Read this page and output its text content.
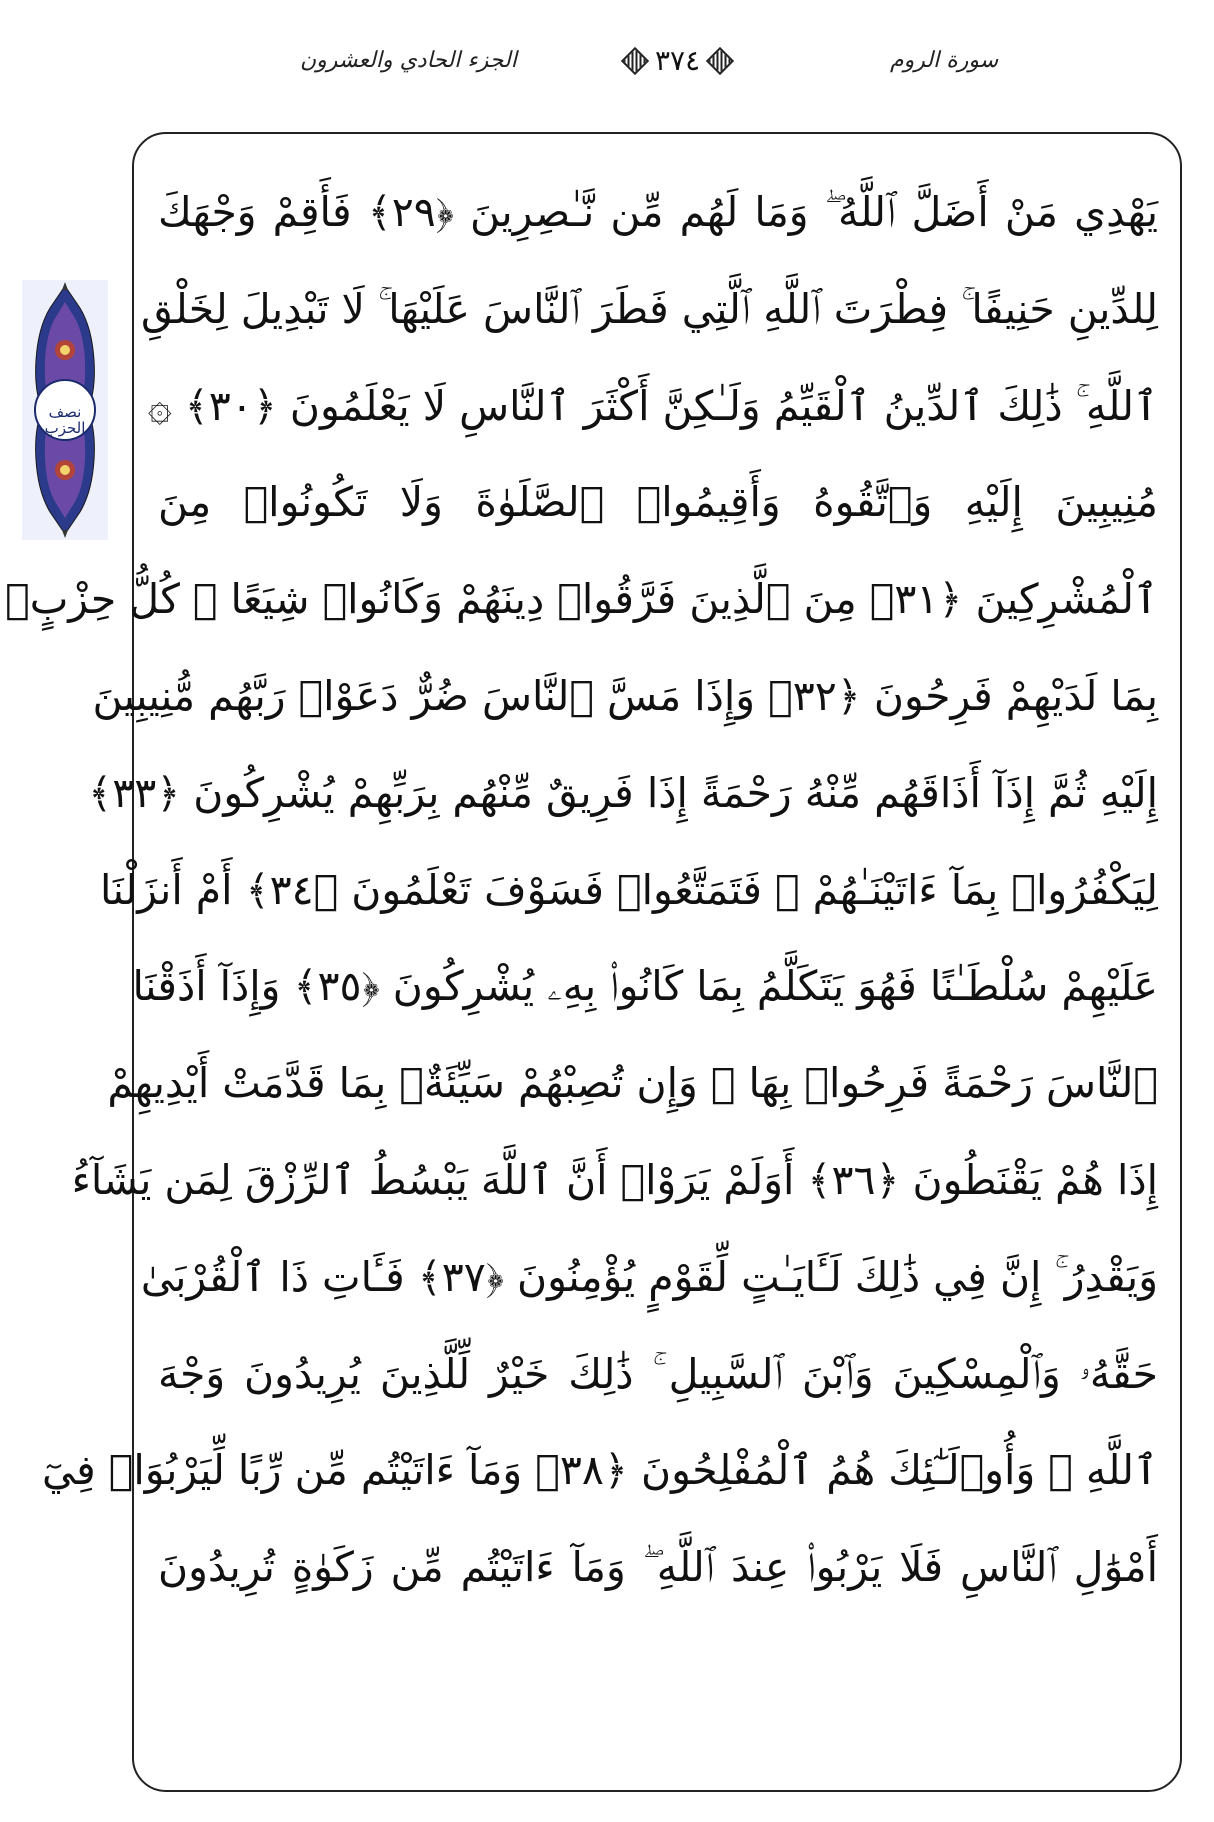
الجزء الحادي والعشرون	٣٧٤	سورة الروم
نصف
الحزب
يَهْدِي مَنْ أَضَلَّ ٱللَّهُ ۖ وَمَا لَهُم مِّن نَّـٰصِرِينَ ﴿٢٩﴾ فَأَقِمْ وَجْهَكَ
لِلدِّينِ حَنِيفًا ۚ فِطْرَتَ ٱللَّهِ ٱلَّتِي فَطَرَ ٱلنَّاسَ عَلَيْهَا ۚ لَا تَبْدِيلَ لِخَلْقِ
ٱللَّهِ ۚ ذَٰلِكَ ٱلدِّينُ ٱلْقَيِّمُ وَلَـٰكِنَّ أَكْثَرَ ٱلنَّاسِ لَا يَعْلَمُونَ ﴿٣٠﴾ ۞
مُنِيبِينَ إِلَيْهِ وَٱتَّقُوهُ وَأَقِيمُوا۟ ٱلصَّلَوٰةَ وَلَا تَكُونُوا۟ مِنَ
ٱلْمُشْرِكِينَ ﴿٣١﴾ مِنَ ٱلَّذِينَ فَرَّقُوا۟ دِينَهُمْ وَكَانُوا۟ شِيَعًا ۖ كُلُّ حِزْبٍۭ
بِمَا لَدَيْهِمْ فَرِحُونَ ﴿٣٢﴾ وَإِذَا مَسَّ ٱلنَّاسَ ضُرٌّ دَعَوْا۟ رَبَّهُم مُّنِيبِينَ
إِلَيْهِ ثُمَّ إِذَآ أَذَاقَهُم مِّنْهُ رَحْمَةً إِذَا فَرِيقٌ مِّنْهُم بِرَبِّهِمْ يُشْرِكُونَ ﴿٣٣﴾
لِيَكْفُرُوا۟ بِمَآ ءَاتَيْنَـٰهُمْ ۚ فَتَمَتَّعُوا۟ فَسَوْفَ تَعْلَمُونَ ﴿٣٤﴾ أَمْ أَنزَلْنَا
عَلَيْهِمْ سُلْطَـٰنًا فَهُوَ يَتَكَلَّمُ بِمَا كَانُوا۟ بِهِۦ يُشْرِكُونَ ﴿٣٥﴾ وَإِذَآ أَذَقْنَا
ٱلنَّاسَ رَحْمَةً فَرِحُوا۟ بِهَا ۖ وَإِن تُصِبْهُمْ سَيِّئَةٌۢ بِمَا قَدَّمَتْ أَيْدِيهِمْ
إِذَا هُمْ يَقْنَطُونَ ﴿٣٦﴾ أَوَلَمْ يَرَوْا۟ أَنَّ ٱللَّهَ يَبْسُطُ ٱلرِّزْقَ لِمَن يَشَآءُ
وَيَقْدِرُ ۚ إِنَّ فِي ذَٰلِكَ لَـَٔايَـٰتٍ لِّقَوْمٍ يُؤْمِنُونَ ﴿٣٧﴾ فَـَٔاتِ ذَا ٱلْقُرْبَىٰ
حَقَّهُۥ وَٱلْمِسْكِينَ وَٱبْنَ ٱلسَّبِيلِ ۚ ذَٰلِكَ خَيْرٌ لِّلَّذِينَ يُرِيدُونَ وَجْهَ
ٱللَّهِ ۖ وَأُو۟لَـٰٓئِكَ هُمُ ٱلْمُفْلِحُونَ ﴿٣٨﴾ وَمَآ ءَاتَيْتُم مِّن رِّبًا لِّيَرْبُوَا۟ فِيٓ
أَمْوَٰلِ ٱلنَّاسِ فَلَا يَرْبُوا۟ عِندَ ٱللَّهِ ۖ وَمَآ ءَاتَيْتُم مِّن زَكَوٰةٍ تُرِيدُونَ
